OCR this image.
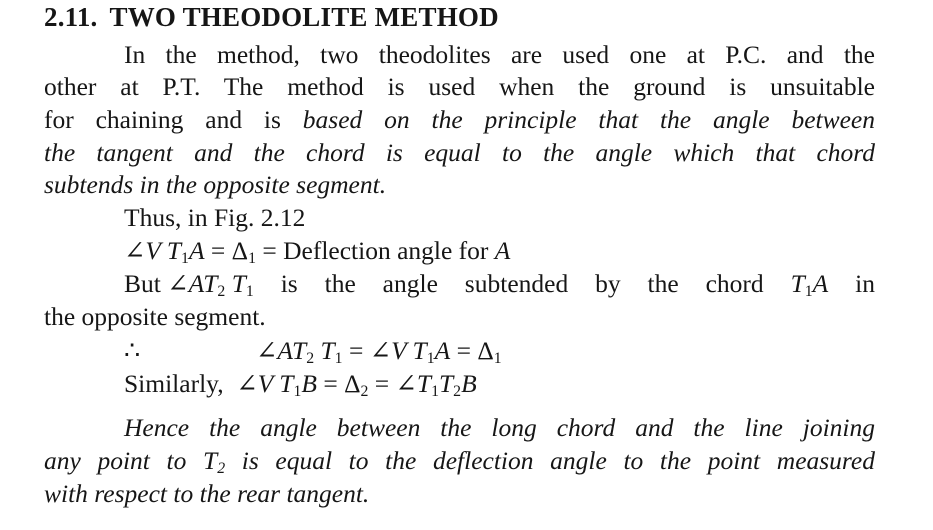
2.11. TWO THEODOLITE METHOD
In the method, two theodolites are used one at P.C. and the
other at P.T. The method is used when the ground is unsuitable
for chaining and is based on the principle that the angle between
the tangent and the chord is equal to the angle which that chord
subtends in the opposite segment.
Thus, in Fig. 2.12
∠V $T_1A = \Delta_1$ = Deflection angle for A
But $\angle AT_2$ $T_1$ is the angle subtended by the chord $T_1A$ in
the opposite segment.
∴	$\angle AT_2$ $T_1$ = ∠V $T_1A = \Delta_1$
Similarly, ∠V $T_1B = \Delta_2$ = $\angle T_1T_2B$
Hence the angle between the long chord and the line joining
any point to $T_2$ is equal to the deflection angle to the point measured
with respect to the rear tangent.
